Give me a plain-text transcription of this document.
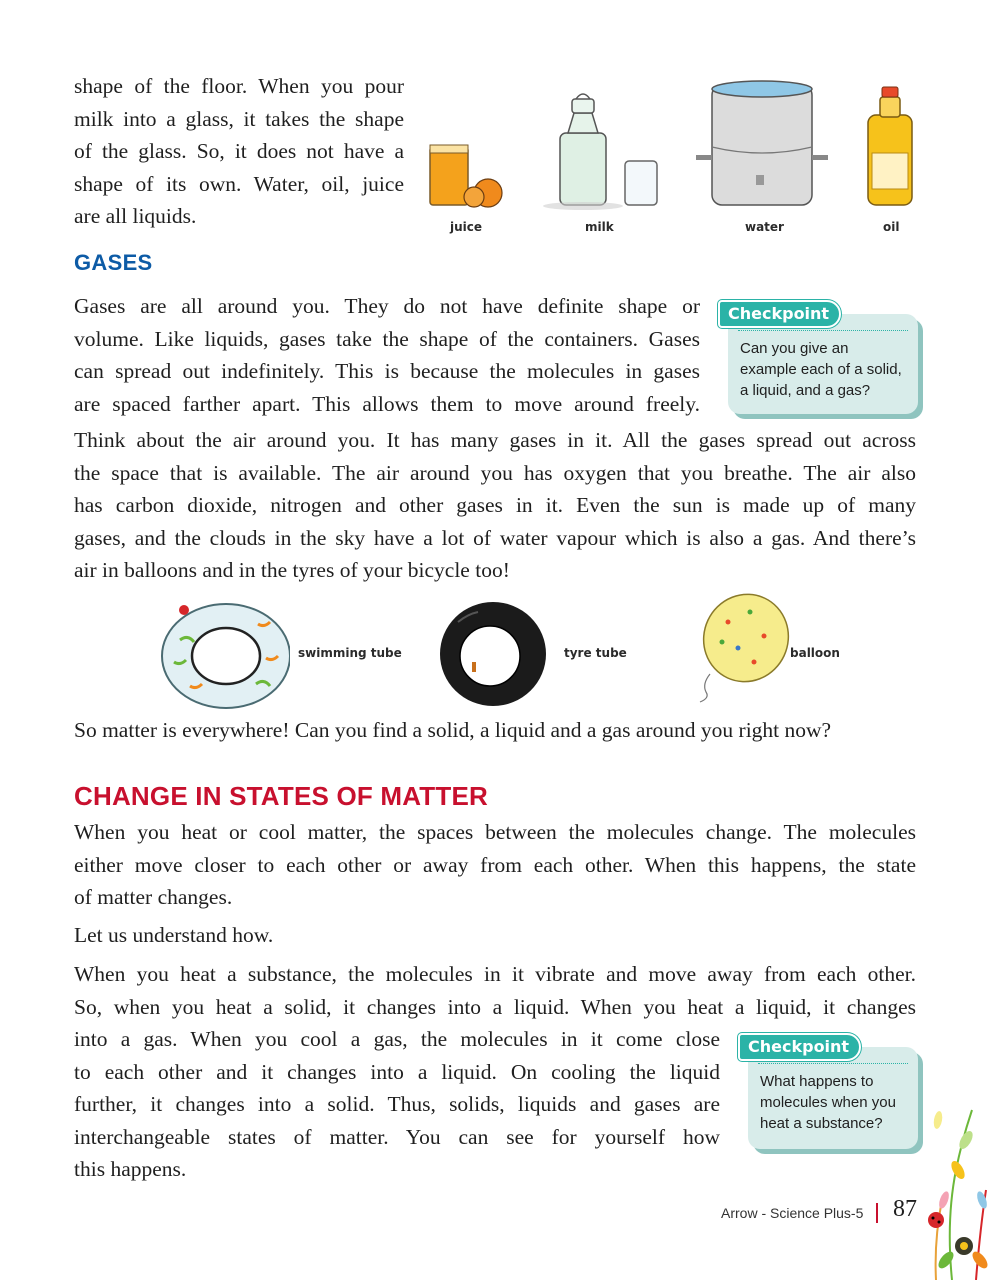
shape of the floor. When you pour
milk into a glass, it takes the shape
of the glass. So, it does not have a
shape of its own. Water, oil, juice
are all liquids.	juice	milk	water	oil
GASES
Gases are all around you. They do not have definite shape or
volume. Like liquids, gases take the shape of the containers. Gases
can spread out indefinitely. This is because the molecules in gases
are spaced farther apart. This allows them to move around freely.
Checkpoint
Can you give an
example each of a solid,
a liquid, and a gas?
Think about the air around you. It has many gases in it. All the gases spread out across
the space that is available. The air around you has oxygen that you breathe. The air also
has carbon dioxide, nitrogen and other gases in it. Even the sun is made up of many
gases, and the clouds in the sky have a lot of water vapour which is also a gas. And there’s
air in balloons and in the tyres of your bicycle too!
swimming tube	tyre tube	balloon
So matter is everywhere! Can you find a solid, a liquid and a gas around you right now?
CHANGE IN STATES OF MATTER
When you heat or cool matter, the spaces between the molecules change. The molecules
either move closer to each other or away from each other. When this happens, the state
of matter changes.
Let us understand how.
When you heat a substance, the molecules in it vibrate and move away from each other.
So, when you heat a solid, it changes into a liquid. When you heat a liquid, it changes
into a gas. When you cool a gas, the molecules in it come close
to each other and it changes into a liquid. On cooling the liquid
further, it changes into a solid. Thus, solids, liquids and gases are
interchangeable states of matter. You can see for yourself how
this happens.
Checkpoint
What happens to
molecules when you
heat a substance?
Arrow - Science Plus-5 87
